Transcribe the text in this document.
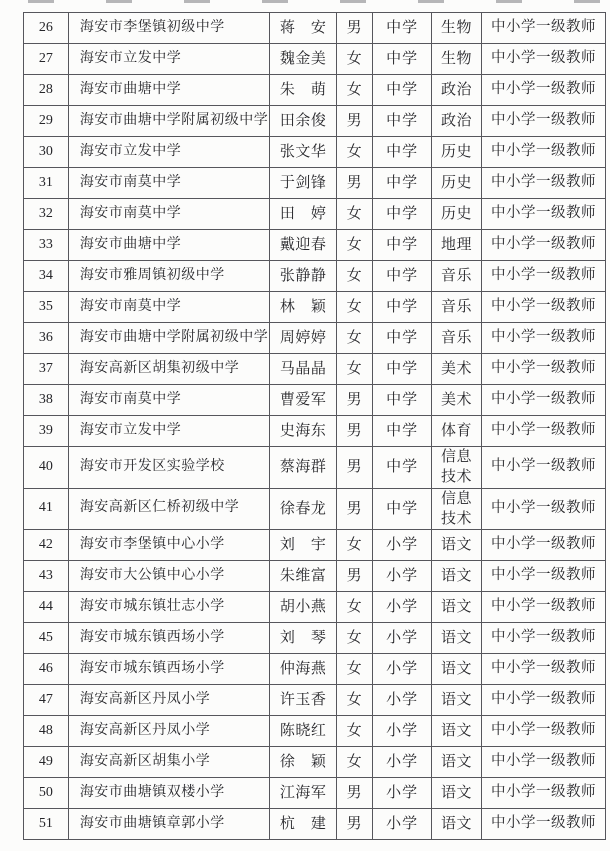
26	海安市李堡镇初级中学	蒋　安	男	中学	生物	中小学一级教师
27	海安市立发中学	魏金美	女	中学	生物	中小学一级教师
28	海安市曲塘中学	朱　萌	女	中学	政治	中小学一级教师
29	海安市曲塘中学附属初级中学	田余俊	男	中学	政治	中小学一级教师
30	海安市立发中学	张文华	女	中学	历史	中小学一级教师
31	海安市南莫中学	于剑锋	男	中学	历史	中小学一级教师
32	海安市南莫中学	田　婷	女	中学	历史	中小学一级教师
33	海安市曲塘中学	戴迎春	女	中学	地理	中小学一级教师
34	海安市雅周镇初级中学	张静静	女	中学	音乐	中小学一级教师
35	海安市南莫中学	林　颖	女	中学	音乐	中小学一级教师
36	海安市曲塘中学附属初级中学	周婷婷	女	中学	音乐	中小学一级教师
37	海安高新区胡集初级中学	马晶晶	女	中学	美术	中小学一级教师
38	海安市南莫中学	曹爱军	男	中学	美术	中小学一级教师
39	海安市立发中学	史海东	男	中学	体育	中小学一级教师
40	海安市开发区实验学校	蔡海群	男	中学	信息技术	中小学一级教师
41	海安高新区仁桥初级中学	徐春龙	男	中学	信息技术	中小学一级教师
42	海安市李堡镇中心小学	刘　宇	女	小学	语文	中小学一级教师
43	海安市大公镇中心小学	朱维富	男	小学	语文	中小学一级教师
44	海安市城东镇壮志小学	胡小燕	女	小学	语文	中小学一级教师
45	海安市城东镇西场小学	刘　琴	女	小学	语文	中小学一级教师
46	海安市城东镇西场小学	仲海燕	女	小学	语文	中小学一级教师
47	海安高新区丹凤小学	许玉香	女	小学	语文	中小学一级教师
48	海安高新区丹凤小学	陈晓红	女	小学	语文	中小学一级教师
49	海安高新区胡集小学	徐　颖	女	小学	语文	中小学一级教师
50	海安市曲塘镇双楼小学	江海军	男	小学	语文	中小学一级教师
51	海安市曲塘镇章郭小学	杭　建	男	小学	语文	中小学一级教师
